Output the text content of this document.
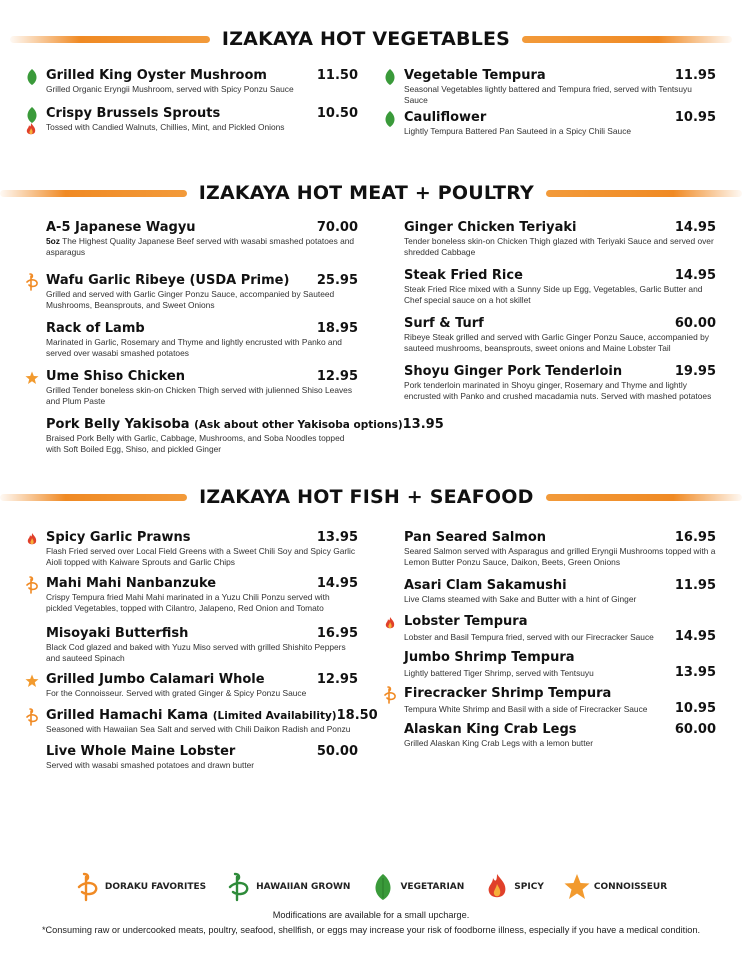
IZAKAYA HOT VEGETABLES
Grilled King Oyster Mushroom	11.50
Grilled Organic Eryngii Mushroom, served with Spicy Ponzu Sauce
Crispy Brussels Sprouts	10.50
Tossed with Candied Walnuts, Chillies, Mint, and Pickled Onions
Vegetable Tempura	11.95
Seasonal Vegetables lightly battered and Tempura fried, served with Tentsuyu Sauce
Cauliflower	10.95
Lightly Tempura Battered Pan Sauteed in a Spicy Chili Sauce
IZAKAYA HOT MEAT + POULTRY
A-5 Japanese Wagyu	70.00
5oz The Highest Quality Japanese Beef served with wasabi smashed potatoes and asparagus
Wafu Garlic Ribeye (USDA Prime) 25.95
Grilled and served with Garlic Ginger Ponzu Sauce, accompanied by Sauteed Mushrooms, Beansprouts, and Sweet Onions
Rack of Lamb	18.95
Marinated in Garlic, Rosemary and Thyme and lightly encrusted with Panko and served over wasabi smashed potatoes
Ume Shiso Chicken	12.95
Grilled Tender boneless skin-on Chicken Thigh served with julienned Shiso Leaves and Plum Paste
Pork Belly Yakisoba (Ask about other Yakisoba options) 13.95
Braised Pork Belly with Garlic, Cabbage, Mushrooms, and Soba Noodles topped with Soft Boiled Egg, Shiso, and pickled Ginger
Ginger Chicken Teriyaki	14.95
Tender boneless skin-on Chicken Thigh glazed with Teriyaki Sauce and served over shredded Cabbage
Steak Fried Rice	14.95
Steak Fried Rice mixed with a Sunny Side up Egg, Vegetables, Garlic Butter and Chef special sauce on a hot skillet
Surf & Turf	60.00
Ribeye Steak grilled and served with Garlic Ginger Ponzu Sauce, accompanied by sauteed mushrooms, beansprouts, sweet onions and Maine Lobster Tail
Shoyu Ginger Pork Tenderloin	19.95
Pork tenderloin marinated in Shoyu ginger, Rosemary and Thyme and lightly encrusted with Panko and crushed macadamia nuts. Served with mashed potatoes
IZAKAYA HOT FISH + SEAFOOD
Spicy Garlic Prawns	13.95
Flash Fried served over Local Field Greens with a Sweet Chili Soy and Spicy Garlic Aioli topped with Kaiware Sprouts and Garlic Chips
Mahi Mahi Nanbanzuke	14.95
Crispy Tempura fried Mahi Mahi marinated in a Yuzu Chili Ponzu served with pickled Vegetables, topped with Cilantro, Jalapeno, Red Onion and Tomato
Misoyaki Butterfish	16.95
Black Cod glazed and baked with Yuzu Miso served with grilled Shishito Peppers and sauteed Spinach
Grilled Jumbo Calamari Whole	12.95
For the Connoisseur. Served with grated Ginger & Spicy Ponzu Sauce
Grilled Hamachi Kama (Limited Availability) 18.50
Seasoned with Hawaiian Sea Salt and served with Chili Daikon Radish and Ponzu
Live Whole Maine Lobster	50.00
Served with wasabi smashed potatoes and drawn butter
Pan Seared Salmon	16.95
Seared Salmon served with Asparagus and grilled Eryngii Mushrooms topped with a Lemon Butter Ponzu Sauce, Daikon, Beets, Green Onions
Asari Clam Sakamushi	11.95
Live Clams steamed with Sake and Butter with a hint of Ginger
Lobster Tempura
Lobster and Basil Tempura fried, served with our Firecracker Sauce 14.95
Jumbo Shrimp Tempura
Lightly battered Tiger Shrimp, served with Tentsuyu	13.95
Firecracker Shrimp Tempura
Tempura White Shrimp and Basil with a side of Firecracker Sauce 10.95
Alaskan King Crab Legs	60.00
Grilled Alaskan King Crab Legs with a lemon butter
DORAKU FAVORITES	HAWAIIAN GROWN	VEGETARIAN	SPICY	CONNOISSEUR
Modifications are available for a small upcharge.
*Consuming raw or undercooked meats, poultry, seafood, shellfish, or eggs may increase your risk of foodborne illness, especially if you have a medical condition.
